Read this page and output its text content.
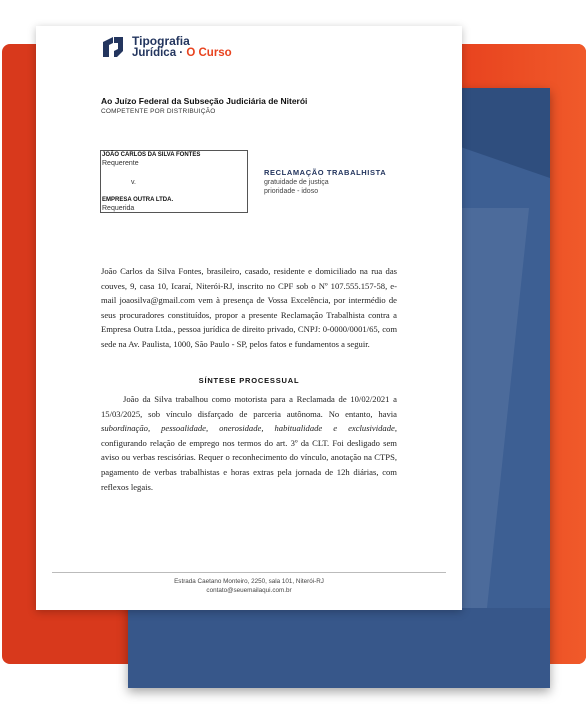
Tipografia
Jurídica · O Curso
Ao Juízo Federal da Subseção Judiciária de Niterói
COMPETENTE POR DISTRIBUIÇÃO
JOÃO CARLOS DA SILVA FONTES
Requerente
v.
EMPRESA OUTRA LTDA.
Requerida
RECLAMAÇÃO TRABALHISTA
gratuidade de justiça
prioridade - idoso
João Carlos da Silva Fontes, brasileiro, casado, residente e domiciliado na rua das couves, 9, casa 10, Icaraí, Niterói-RJ, inscrito no CPF sob o Nº 107.555.157-58, e-mail joaosilva@gmail.com vem à presença de Vossa Excelência, por intermédio de seus procuradores constituídos, propor a presente Reclamação Trabalhista contra a Empresa Outra Ltda., pessoa jurídica de direito privado, CNPJ: 0-0000/0001/65, com sede na Av. Paulista, 1000, São Paulo - SP, pelos fatos e fundamentos a seguir.
SÍNTESE PROCESSUAL
João da Silva trabalhou como motorista para a Reclamada de 10/02/2021 a 15/03/2025, sob vínculo disfarçado de parceria autônoma. No entanto, havia subordinação, pessoalidade, onerosidade, habitualidade e exclusividade, configurando relação de emprego nos termos do art. 3º da CLT. Foi desligado sem aviso ou verbas rescisórias. Requer o reconhecimento do vínculo, anotação na CTPS, pagamento de verbas trabalhistas e horas extras pela jornada de 12h diárias, com reflexos legais.
Estrada Caetano Monteiro, 2250, sala 101, Niterói-RJ
contato@seuemailaqui.com.br
